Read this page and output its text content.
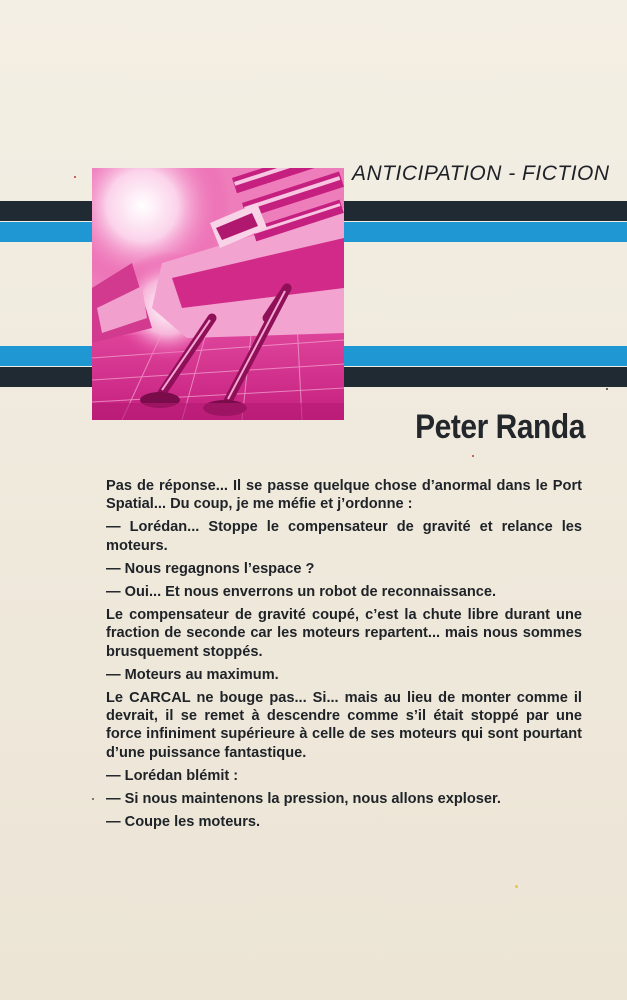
ANTICIPATION - FICTION
Peter Randa

Pas de réponse... Il se passe quelque chose d’anormal dans le Port Spatial... Du coup, je me méfie et j’ordonne :

— Lorédan... Stoppe le compensateur de gravité et relance les moteurs.

— Nous regagnons l’espace ?

— Oui... Et nous enverrons un robot de reconnaissance.

Le compensateur de gravité coupé, c’est la chute libre durant une fraction de seconde car les moteurs repartent... mais nous sommes brusquement stoppés.

— Moteurs au maximum.

Le CARCAL ne bouge pas... Si... mais au lieu de monter comme il devrait, il se remet à descendre comme s’il était stoppé par une force infiniment supérieure à celle de ses moteurs qui sont pourtant d’une puissance fantastique.

— Lorédan blémit :

— Si nous maintenons la pression, nous allons exploser.

— Coupe les moteurs.
